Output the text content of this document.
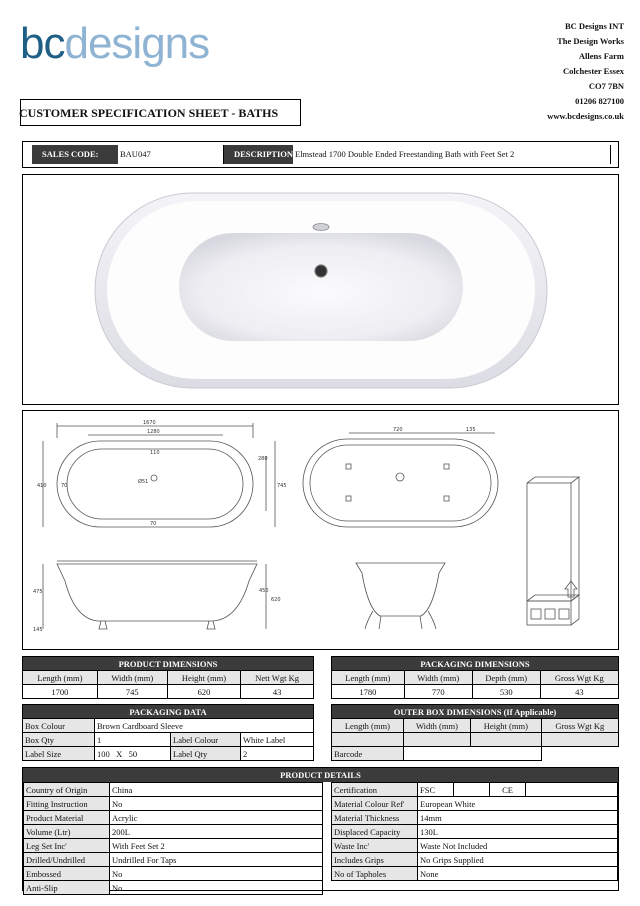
bcdesigns	BC Designs INT
The Design Works
Allens Farm
Colchester Essex
CO7 7BN
01206 827100
www.bcdesigns.co.uk
CUSTOMER SPECIFICATION SHEET - BATHS
SALES CODE:	BAU047	DESCRIPTION Elmstead 1700 Double Ended Freestanding Bath with Feet Set 2
1670
1280
110
410	70
280
745
70
Ø51
720	135
475	450
620
145
PRODUCT DIMENSIONS			
Length (mm)	Width (mm)	Height (mm)	Nett Wgt Kg
1700	745	620	43
PACKAGING DIMENSIONS			
Length (mm)	Width (mm)	Depth (mm)	Gross Wgt Kg
1780	770	530	43
PACKAGING DATA			
Box Colour	Brown Cardboard Sleeve		
Box Qty	1	Label Colour	White Label
Label Size	100   X   50	Label Qty	2
OUTER BOX DIMENSIONS (If Applicable)			
Length (mm)	Width (mm)	Height (mm)	Gross Wgt Kg

Barcode			
PRODUCT DETAILS
Country of Origin	China
Fitting Instruction	No
Product Material	Acrylic
Volume (Ltr)	200L
Leg Set Inc'	With Feet Set 2
Drilled/Undrilled	Undrilled For Taps
Embossed	No
Anti-Slip	No
Certification	FSC		CE	
Material Colour Ref'	European White			
Material Thickness	14mm			
Displaced Capacity	130L			
Waste Inc'	Waste Not Included			
Includes Grips	No Grips Supplied			
No of Tapholes	None			
